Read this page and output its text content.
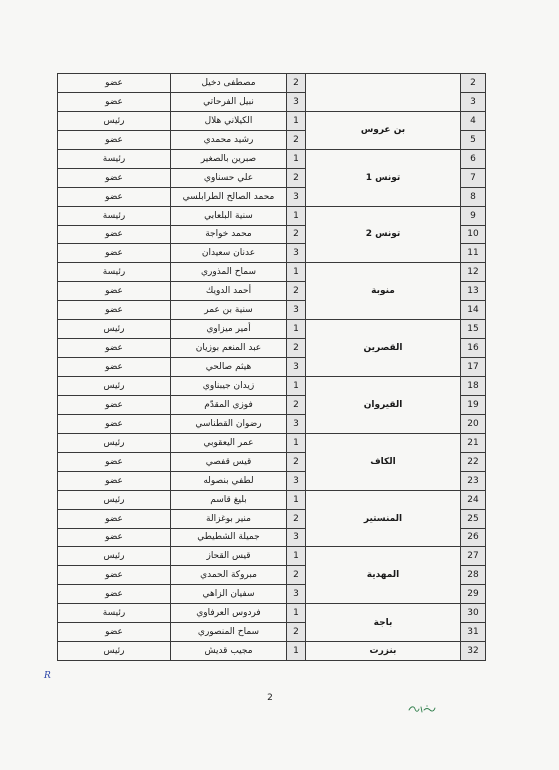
2		2	مصطفى دخيل	عضو
3		3	نبيل الفرحاتي	عضو
4	بن عروس	1	الكيلاني هلال	رئيس
5		2	رشيد محمدي	عضو
6	تونس 1	1	صبرين بالصغير	رئيسة
7		2	علي حسناوي	عضو
8		3	محمد الصالح الطرابلسي	عضو
9	تونس 2	1	سنية البلعابي	رئيسة
10		2	محمد خواجة	عضو
11		3	عدنان سعيدان	عضو
12	منوبة	1	سماح المذوري	رئيسة
13		2	أحمد الدويك	عضو
14		3	سنية بن عمر	عضو
15	القصرين	1	أمير ميزاوي	رئيس
16		2	عبد المنعم بوزيان	عضو
17		3	هيثم صالحي	عضو
18	القيروان	1	زيدان جيبناوي	رئيس
19		2	فوزي المقدّم	عضو
20		3	رضوان القطناسي	عضو
21	الكاف	1	عمر اليعقوبي	رئيس
22		2	قيس قفصي	عضو
23		3	لطفي بنصوله	عضو
24	المنستير	1	بليغ قاسم	رئيس
25		2	منير بوغزالة	عضو
26		3	جميلة الشطيطي	عضو
27	المهدية	1	قيس القحاز	رئيس
28		2	مبروكة الحمدي	عضو
29		3	سفيان الزاهي	عضو
30	باجة	1	فردوس العرفاوي	رئيسة
31		2	سماح المنصوري	عضو
32	بنزرت	1	مجيب قديش	رئيس
R
2
